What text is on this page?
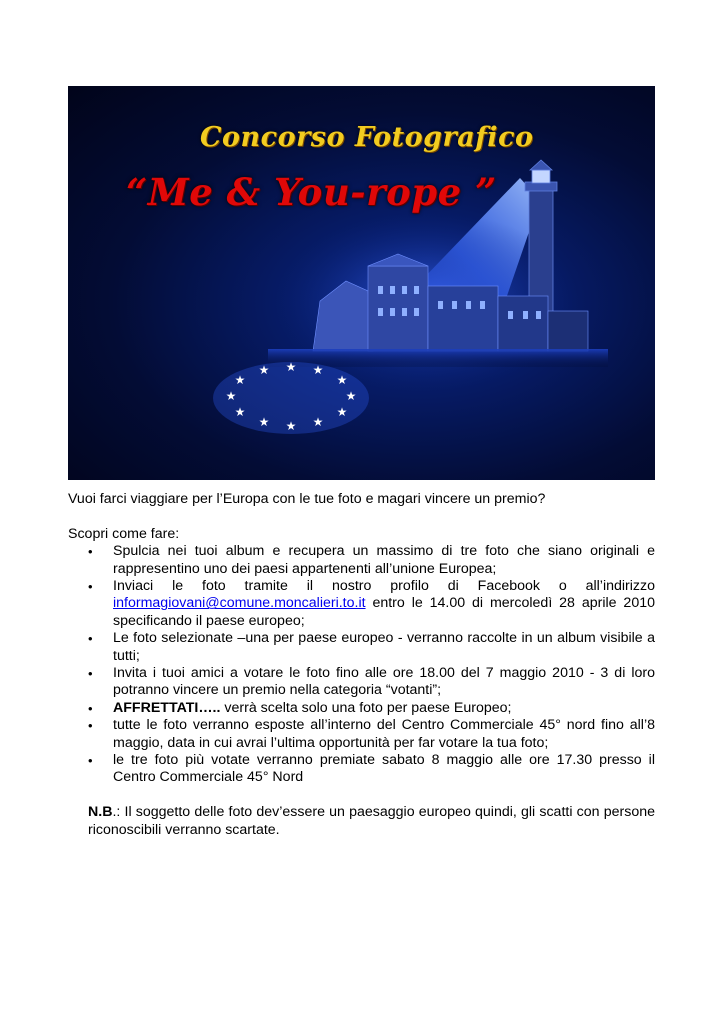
★ ★
★
★
★
★
★
★
★
★
★
★
Concorso Fotografico
“Me & You-rope ”

Vuoi farci viaggiare per l’Europa con le tue foto e magari vincere un premio?

Scopri come fare:

• Spulcia nei tuoi album e recupera un massimo di tre foto che siano originali e rappresentino uno dei paesi appartenenti all’unione Europea;
• Inviaci le foto tramite il nostro profilo di Facebook o all’indirizzo informagiovani@comune.moncalieri.to.it entro le 14.00 di mercoledì 28 aprile 2010 specificando il paese europeo;
• Le foto selezionate –una per paese europeo - verranno raccolte in un album visibile a tutti;
• Invita i tuoi amici a votare le foto fino alle ore 18.00 del 7 maggio 2010 - 3 di loro potranno vincere un premio nella categoria “votanti”;
• AFFRETTATI….. verrà scelta solo una foto per paese Europeo;
• tutte le foto verranno esposte all’interno del Centro Commerciale 45° nord fino all’8 maggio, data in cui avrai l’ultima opportunità per far votare la tua foto;
• le tre foto più votate verranno premiate sabato 8 maggio alle ore 17.30 presso il Centro Commerciale 45° Nord

N.B.: Il soggetto delle foto dev’essere un paesaggio europeo quindi, gli scatti con persone riconoscibili verranno scartate.
